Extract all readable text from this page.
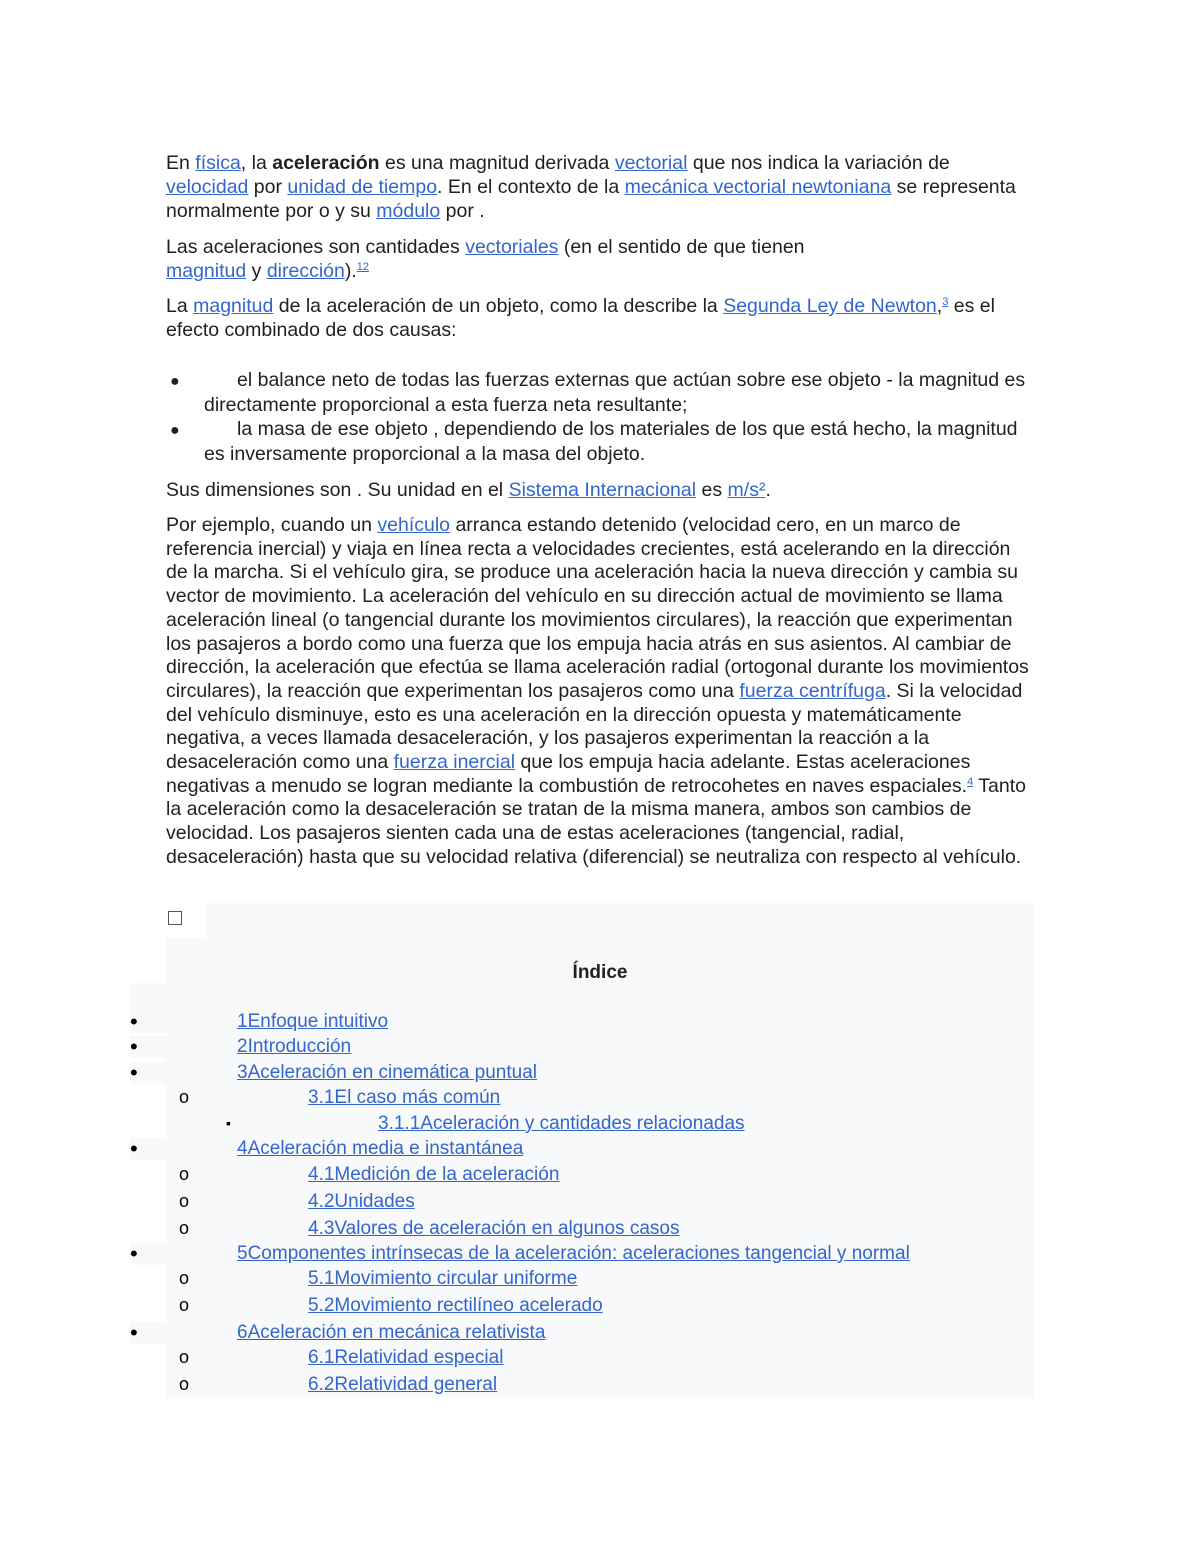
En física, la aceleración es una magnitud derivada vectorial que nos indica la variación de velocidad por unidad de tiempo. En el contexto de la mecánica vectorial newtoniana se representa normalmente por o y su módulo por .

Las aceleraciones son cantidades vectoriales (en el sentido de que tienen magnitud y dirección).$^{12}$

La magnitud de la aceleración de un objeto, como la describe la Segunda Ley de Newton,$^3$ es el efecto combinado de dos causas:

●	el balance neto de todas las fuerzas externas que actúan sobre ese objeto - la magnitud es directamente proporcional a esta fuerza neta resultante;
●	la masa de ese objeto , dependiendo de los materiales de los que está hecho, la magnitud es inversamente proporcional a la masa del objeto.

Sus dimensiones son . Su unidad en el Sistema Internacional es m/s².

Por ejemplo, cuando un vehículo arranca estando detenido (velocidad cero, en un marco de referencia inercial) y viaja en línea recta a velocidades crecientes, está acelerando en la dirección de la marcha. Si el vehículo gira, se produce una aceleración hacia la nueva dirección y cambia su vector de movimiento. La aceleración del vehículo en su dirección actual de movimiento se llama aceleración lineal (o tangencial durante los movimientos circulares), la reacción que experimentan los pasajeros a bordo como una fuerza que los empuja hacia atrás en sus asientos. Al cambiar de dirección, la aceleración que efectúa se llama aceleración radial (ortogonal durante los movimientos circulares), la reacción que experimentan los pasajeros como una fuerza centrífuga. Si la velocidad del vehículo disminuye, esto es una aceleración en la dirección opuesta y matemáticamente negativa, a veces llamada desaceleración, y los pasajeros experimentan la reacción a la desaceleración como una fuerza inercial que los empuja hacia adelante. Estas aceleraciones negativas a menudo se logran mediante la combustión de retrocohetes en naves espaciales.$^4$ Tanto la aceleración como la desaceleración se tratan de la misma manera, ambos son cambios de velocidad. Los pasajeros sienten cada una de estas aceleraciones (tangencial, radial, desaceleración) hasta que su velocidad relativa (diferencial) se neutraliza con respecto al vehículo.

Índice
•	1Enfoque intuitivo
•	2Introducción
•	3Aceleración en cinemática puntual
o	3.1El caso más común
▪	3.1.1Aceleración y cantidades relacionadas
•	4Aceleración media e instantánea
o	4.1Medición de la aceleración
o	4.2Unidades
o	4.3Valores de aceleración en algunos casos
•	5Componentes intrínsecas de la aceleración: aceleraciones tangencial y normal
o	5.1Movimiento circular uniforme
o	5.2Movimiento rectilíneo acelerado
•	6Aceleración en mecánica relativista
o	6.1Relatividad especial
o	6.2Relatividad general
